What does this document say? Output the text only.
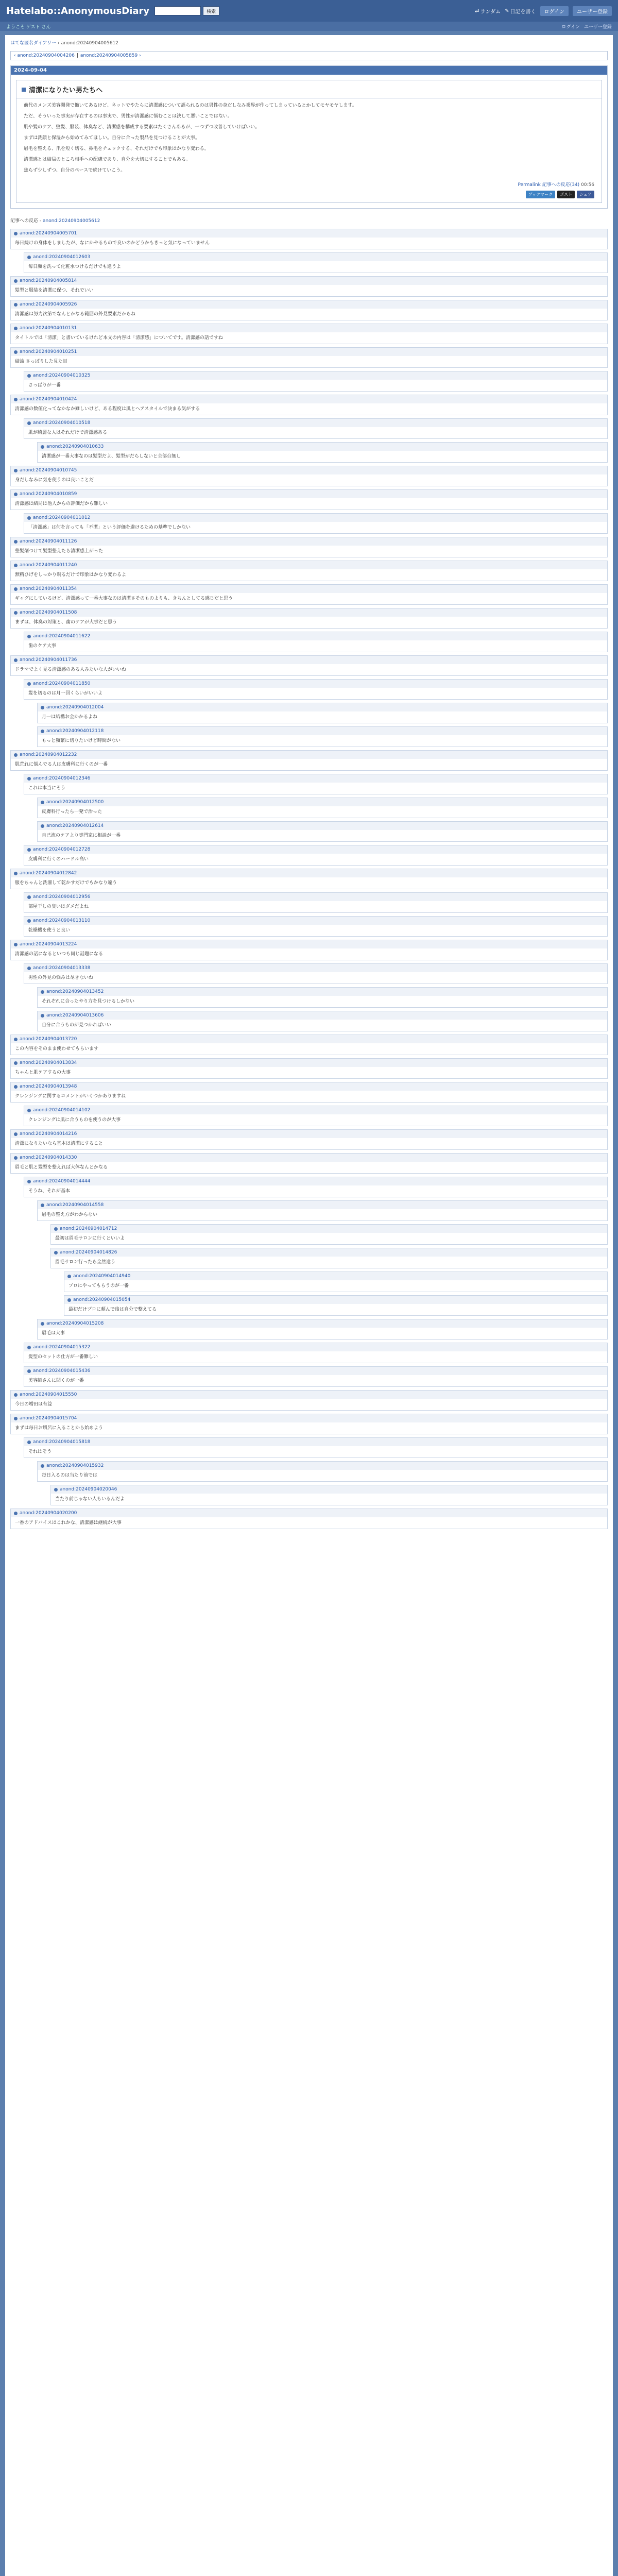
Hatelabo::AnonymousDiary	検索	⇄ ランダム ✎ 日記を書く	ログイン	ユーザー登録
ようこそ ゲスト さん	ログイン ユーザー登録
はてな匿名ダイアリー › anond:20240904005612
‹ anond:20240904004206 | anond:20240904005859 ›
2024-09-04
清潔になりたい男たちへ

前代のメンズ美容開発で働いてあるけど、ネットでやたらに清潔感について語られるのは男性の身だしなみ業界が作ってしまっているとかしてモヤモヤします。

ただ、そういった事実が存在するのは事実で、男性が清潔感に悩むことは決して悪いことではない。

肌や髪のケア、整髪、服装、体臭など、清潔感を構成する要素はたくさんあるが、一つずつ改善していけばいい。

まずは洗顔と保湿から始めてみてほしい。自分に合った製品を見つけることが大事。

眉毛を整える、爪を短く切る、鼻毛をチェックする、それだけでも印象はかなり変わる。

清潔感とは結局のところ相手への配慮であり、自分を大切にすることでもある。

焦らず少しずつ、自分のペースで続けていこう。

Permalink 記事への反応(34) 00:56
ブックマーク	ポスト	シェア
記事への反応 - anond:20240904005612
anond:20240904005701
毎日続けの身体をしましたが、なにかやるもので良いのかどうかもきっと気になっていません
anond:20240904012603
毎日顔を洗って化粧水つけるだけでも違うよ
anond:20240904005814
髪型と服装を清潔に保つ、それでいい
anond:20240904005926
清潔感は努力次第でなんとかなる範囲の外見要素だからね
anond:20240904010131
タイトルでは「清潔」と書いているけれど本文の内容は「清潔感」についてです。清潔感の話ですね
anond:20240904010251
結論 さっぱりした見た目
anond:20240904010325
さっぱりが一番
anond:20240904010424
清潔感の数値化ってなかなか難しいけど、ある程度は肌とヘアスタイルで決まる気がする
anond:20240904010518
肌が綺麗な人はそれだけで清潔感ある
anond:20240904010633
清潔感が一番大事なのは髪型だよ、髪型がだらしないと全部台無し
anond:20240904010745
身だしなみに気を使うのは良いことだ
anond:20240904010859
清潔感は結局は他人からの評価だから難しい
anond:20240904011012
「清潔感」は何を言っても「不潔」という評価を避けるための基準でしかない
anond:20240904011126
整髪剤つけて髪型整えたら清潔感上がった
anond:20240904011240
無精ひげをしっかり剃るだけで印象はかなり変わるよ
anond:20240904011354
ギャグにしているけど、清潔感って一番大事なのは清潔さそのものよりも、きちんとしてる感じだと思う
anond:20240904011508
まずは、体臭の対策と、歯のケアが大事だと思う
anond:20240904011622
歯のケア大事
anond:20240904011736
ドラマでよく見る清潔感のある人みたいな人がいいね
anond:20240904011850
髪を切るのは月一回くらいがいいよ
anond:20240904012004
月一は結構お金かかるよね
anond:20240904012118
もっと頻繁に切りたいけど時間がない
anond:20240904012232
肌荒れに悩んでる人は皮膚科に行くのが一番
anond:20240904012346
これは本当にそう
anond:20240904012500
皮膚科行ったら一発で治った
anond:20240904012614
自己流のケアより専門家に相談が一番
anond:20240904012728
皮膚科に行くのハードル高い
anond:20240904012842
服をちゃんと洗濯して乾かすだけでもかなり違う
anond:20240904012956
部屋干しの臭いはダメだよね
anond:20240904013110
乾燥機を使うと良い
anond:20240904013224
清潔感の話になるといつも同じ話題になる
anond:20240904013338
男性の外見の悩みは尽きないね
anond:20240904013452
それぞれに合ったやり方を見つけるしかない
anond:20240904013606
自分に合うものが見つかればいい
anond:20240904013720
この内容をそのまま使わせてもらいます
anond:20240904013834
ちゃんと肌ケアするの大事
anond:20240904013948
クレンジングに関するコメントがいくつかありますね
anond:20240904014102
クレンジングは肌に合うものを使うのが大事
anond:20240904014216
清潔になりたいなら基本は清潔にすること
anond:20240904014330
眉毛と肌と髪型を整えれば大体なんとかなる
anond:20240904014444
そうね、それが基本
anond:20240904014558
眉毛の整え方がわからない
anond:20240904014712
最初は眉毛サロンに行くといいよ
anond:20240904014826
眉毛サロン行ったら全然違う
anond:20240904014940
プロにやってもらうのが一番
anond:20240904015054
最初だけプロに頼んで後は自分で整えてる
anond:20240904015208
眉毛は大事
anond:20240904015322
髪型のセットの仕方が一番難しい
anond:20240904015436
美容師さんに聞くのが一番
anond:20240904015550
今日の増田は有益
anond:20240904015704
まずは毎日お風呂に入ることから始めよう
anond:20240904015818
それはそう
anond:20240904015932
毎日入るのは当たり前では
anond:20240904020046
当たり前じゃない人もいるんだよ
anond:20240904020200
一番のアドバイスはこれかな、清潔感は継続が大事
